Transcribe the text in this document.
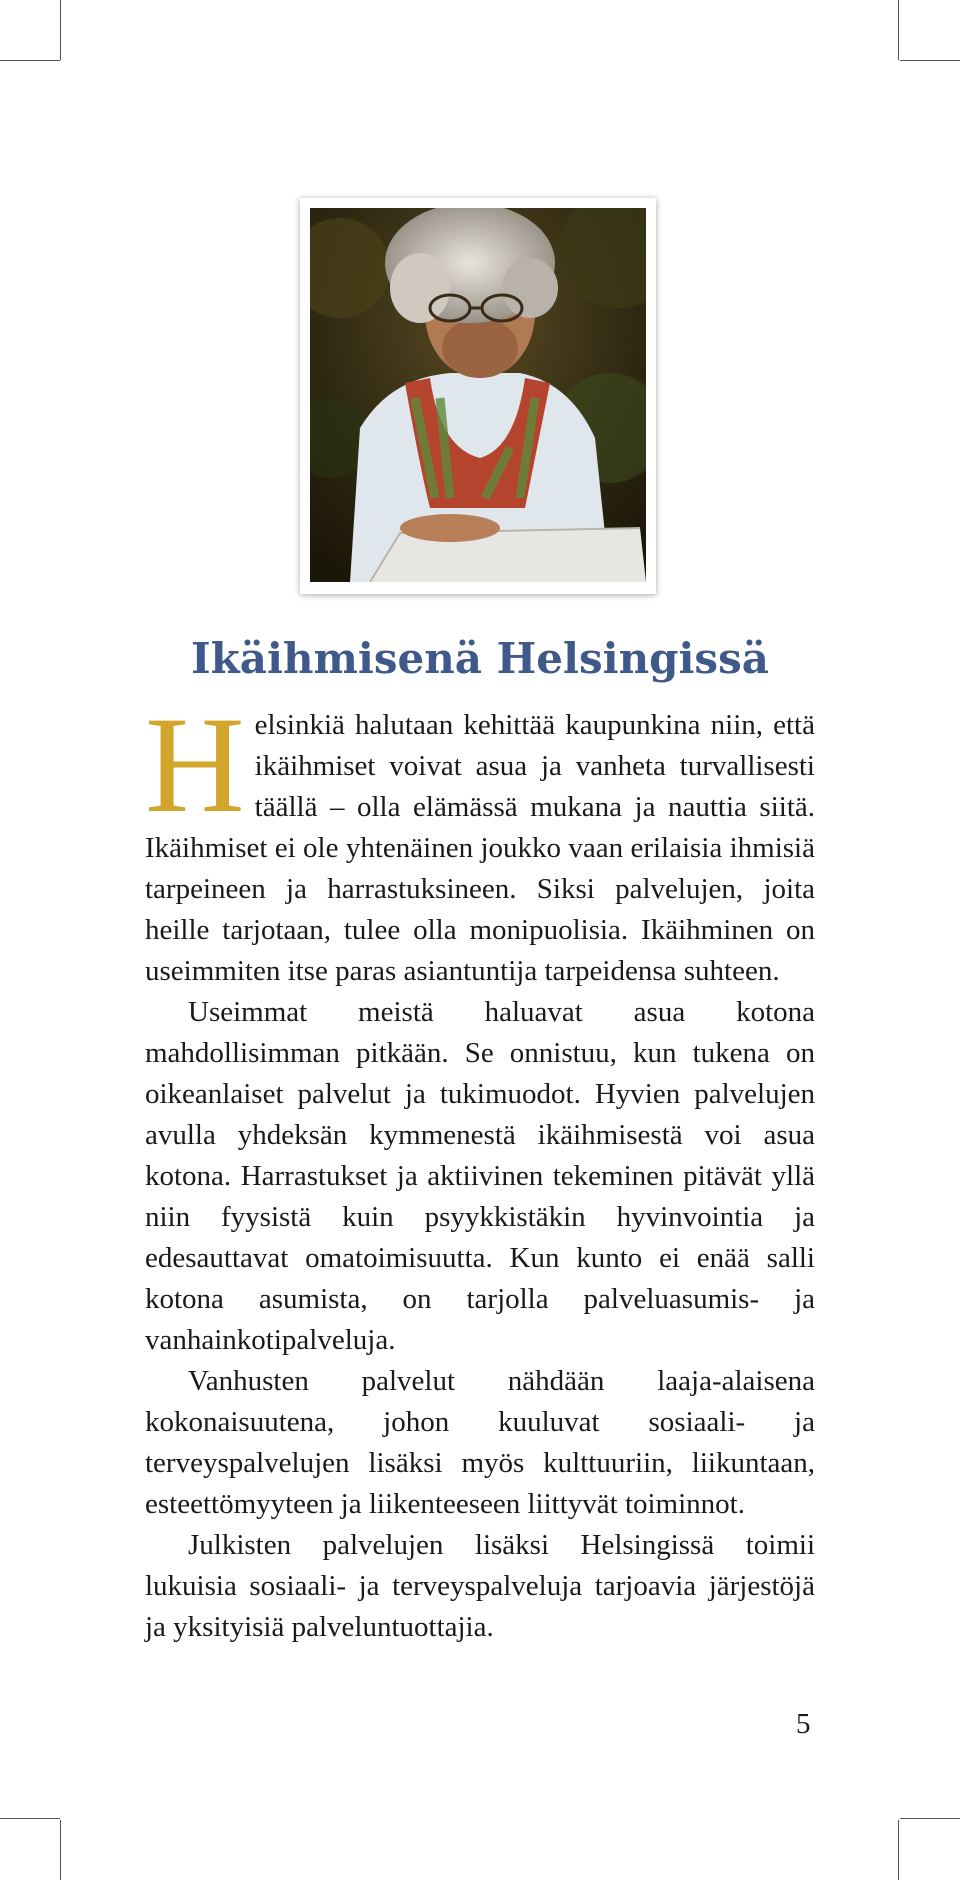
Ikäihmisenä Helsingissä

Helsinkiä halutaan kehittää kaupunkina niin, että ikäihmiset voivat asua ja vanheta turvallisesti täällä – olla elämässä mukana ja nauttia siitä. Ikäihmiset ei ole yhtenäinen joukko vaan erilaisia ihmisiä tarpeineen ja harrastuksineen. Siksi palvelujen, joita heille tarjotaan, tulee olla monipuolisia. Ikäihminen on useimmiten itse paras asiantuntija tarpeidensa suhteen.

Useimmat meistä haluavat asua kotona mahdollisimman pitkään. Se onnistuu, kun tukena on oikeanlaiset palvelut ja tukimuodot. Hyvien palvelujen avulla yhdeksän kymmenestä ikäihmisestä voi asua kotona. Harrastukset ja aktiivinen tekeminen pitävät yllä niin fyysistä kuin psyykkistäkin hyvinvointia ja edesauttavat omatoimisuutta. Kun kunto ei enää salli kotona asumista, on tarjolla palveluasumis- ja vanhainkotipalveluja.

Vanhusten palvelut nähdään laaja-alaisena kokonaisuutena, johon kuuluvat sosiaali- ja terveyspalvelujen lisäksi myös kulttuuriin, liikuntaan, esteettömyyteen ja liikenteeseen liittyvät toiminnot.

Julkisten palvelujen lisäksi Helsingissä toimii lukuisia sosiaali- ja terveyspalveluja tarjoavia järjestöjä ja yksityisiä palveluntuottajia.

5
